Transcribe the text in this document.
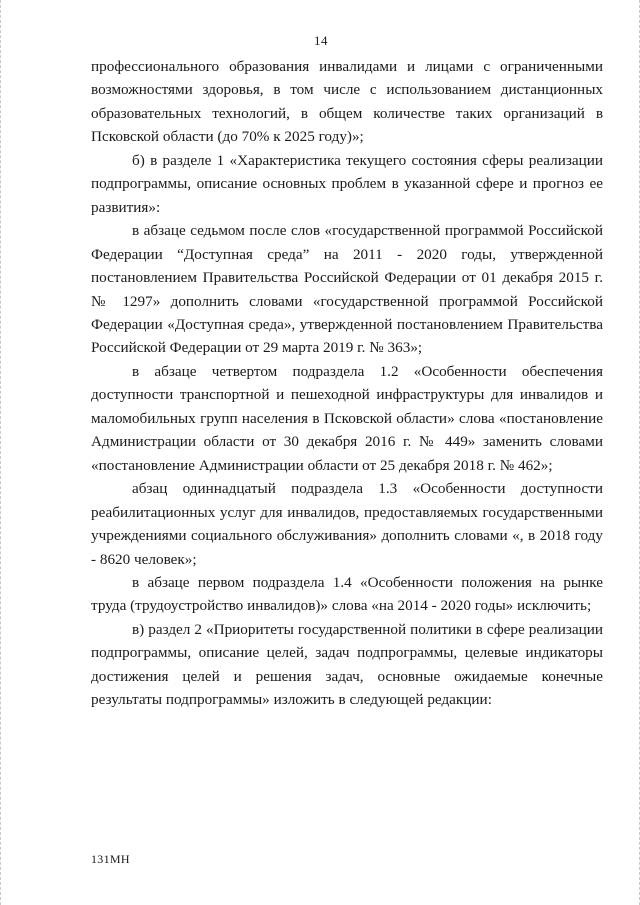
14

профессионального образования инвалидами и лицами с ограниченными возможностями здоровья, в том числе с использованием дистанционных образовательных технологий, в общем количестве таких организаций в Псковской области (до 70% к 2025 году)»;

б) в разделе 1 «Характеристика текущего состояния сферы реализации подпрограммы, описание основных проблем в указанной сфере и прогноз ее развития»:

в абзаце седьмом после слов «государственной программой Российской Федерации “Доступная среда” на 2011 - 2020 годы, утвержденной постановлением Правительства Российской Федерации от 01 декабря 2015 г. № 1297» дополнить словами «государственной программой Российской Федерации «Доступная среда», утвержденной постановлением Правительства Российской Федерации от 29 марта 2019 г. № 363»;

в абзаце четвертом подраздела 1.2 «Особенности обеспечения доступности транспортной и пешеходной инфраструктуры для инвалидов и маломобильных групп населения в Псковской области» слова «постановление Администрации области от 30 декабря 2016 г. № 449» заменить словами «постановление Администрации области от 25 декабря 2018 г. № 462»;

абзац одиннадцатый подраздела 1.3 «Особенности доступности реабилитационных услуг для инвалидов, предоставляемых государственными учреждениями социального обслуживания» дополнить словами «, в 2018 году - 8620 человек»;

в абзаце первом подраздела 1.4 «Особенности положения на рынке труда (трудоустройство инвалидов)» слова «на 2014 - 2020 годы» исключить;

в) раздел 2 «Приоритеты государственной политики в сфере реализации подпрограммы, описание целей, задач подпрограммы, целевые индикаторы достижения целей и решения задач, основные ожидаемые конечные результаты подпрограммы» изложить в следующей редакции:

131МН
